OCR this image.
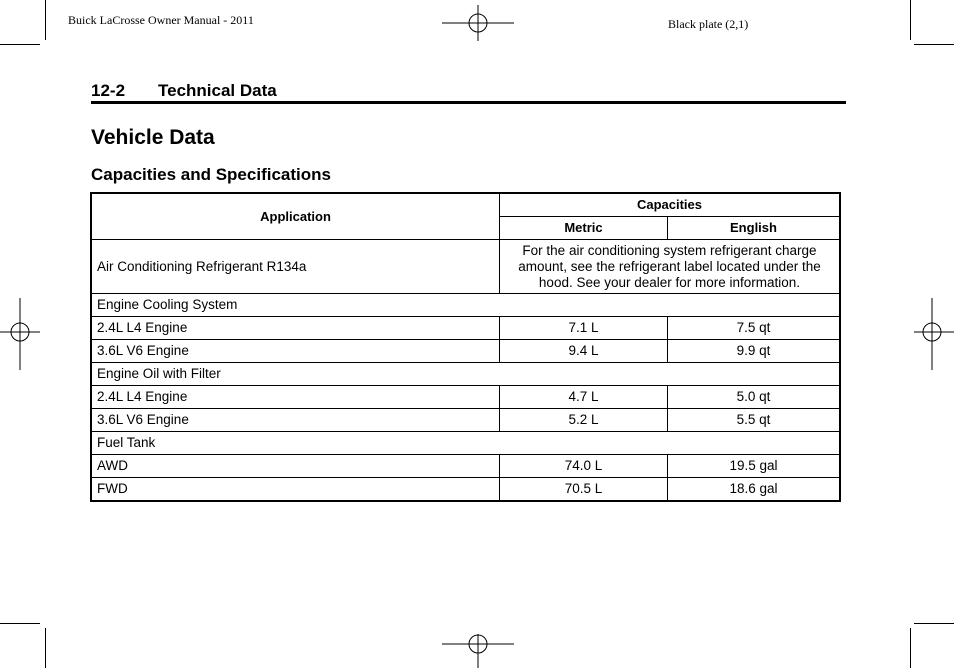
Buick LaCrosse Owner Manual - 2011	Black plate (2,1)
12-2 Technical Data
Vehicle Data
Capacities and Specifications
Application	Capacities	
	Metric	English
Air Conditioning Refrigerant R134a	For the air conditioning system refrigerant charge amount, see the refrigerant label located under the hood. See your dealer for more information.	
Engine Cooling System		
2.4L L4 Engine	7.1 L	7.5 qt
3.6L V6 Engine	9.4 L	9.9 qt
Engine Oil with Filter		
2.4L L4 Engine	4.7 L	5.0 qt
3.6L V6 Engine	5.2 L	5.5 qt
Fuel Tank		
AWD	74.0 L	19.5 gal
FWD	70.5 L	18.6 gal
